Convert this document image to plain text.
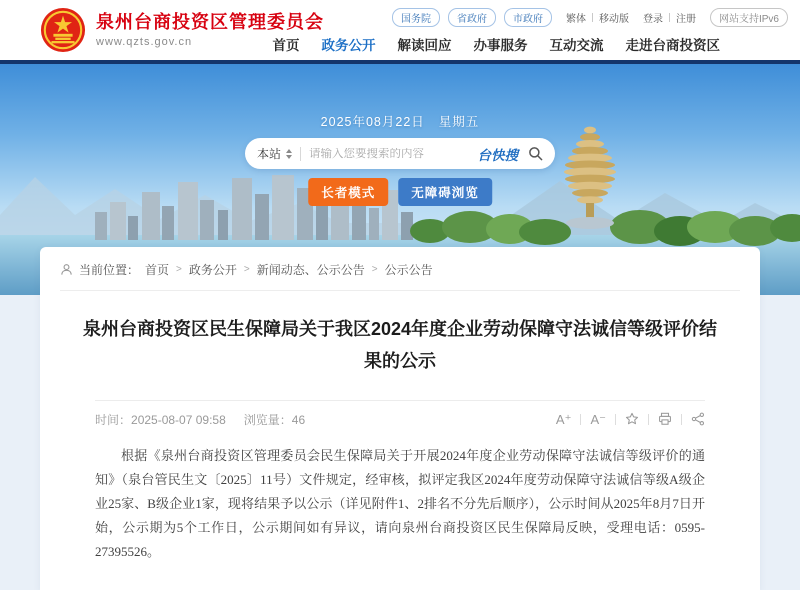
泉州台商投资区管理委员会
www.qzts.gov.cn
国务院	省政府	市政府	繁体 移动版 登录 注册	网站支持IPv6
首页 政务公开 解读回应 办事服务 互动交流 走进台商投资区
2025年08月22日 星期五
本站
请输入您要搜索的内容	台快搜
长者模式	无障碍浏览
当前位置： 首页 > 政务公开 > 新闻动态、公示公告 > 公示公告
泉州台商投资区民生保障局关于我区2024年度企业劳动保障守法诚信等级评价结果的公示
时间：2025-08-07 09:58 浏览量：46	A⁺ A⁻

根据《泉州台商投资区管理委员会民生保障局关于开展2024年度企业劳动保障守法诚信等级评价的通知》（泉台管民生文〔2025〕11号）文件规定，经审核，拟评定我区2024年度劳动保障守法诚信等级A级企业25家、B级企业1家，现将结果予以公示（详见附件1、2排名不分先后顺序），公示时间从2025年8月7日开始，公示期为5个工作日，公示期间如有异议，请向泉州台商投资区民生保障局反映，受理电话：0595-27395526。
